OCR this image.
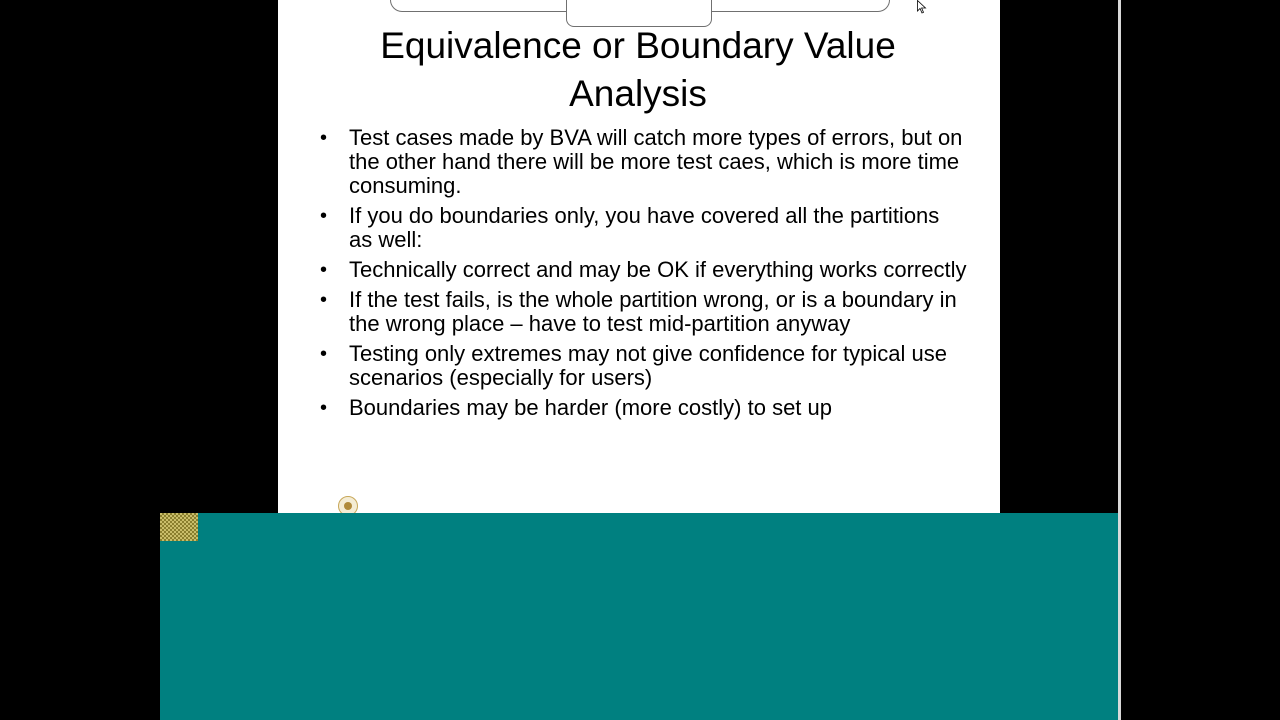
Equivalence or Boundary Value Analysis
• Test cases made by BVA will catch more types of errors, but on the other hand there will be more test caes, which is more time consuming.
• If you do boundaries only, you have covered all the partitions as well:
• Technically correct and may be OK if everything works correctly
• If the test fails, is the whole partition wrong, or is a boundary in the wrong place – have to test mid-partition anyway
• Testing only extremes may not give confidence for typical use scenarios (especially for users)
• Boundaries may be harder (more costly) to set up
